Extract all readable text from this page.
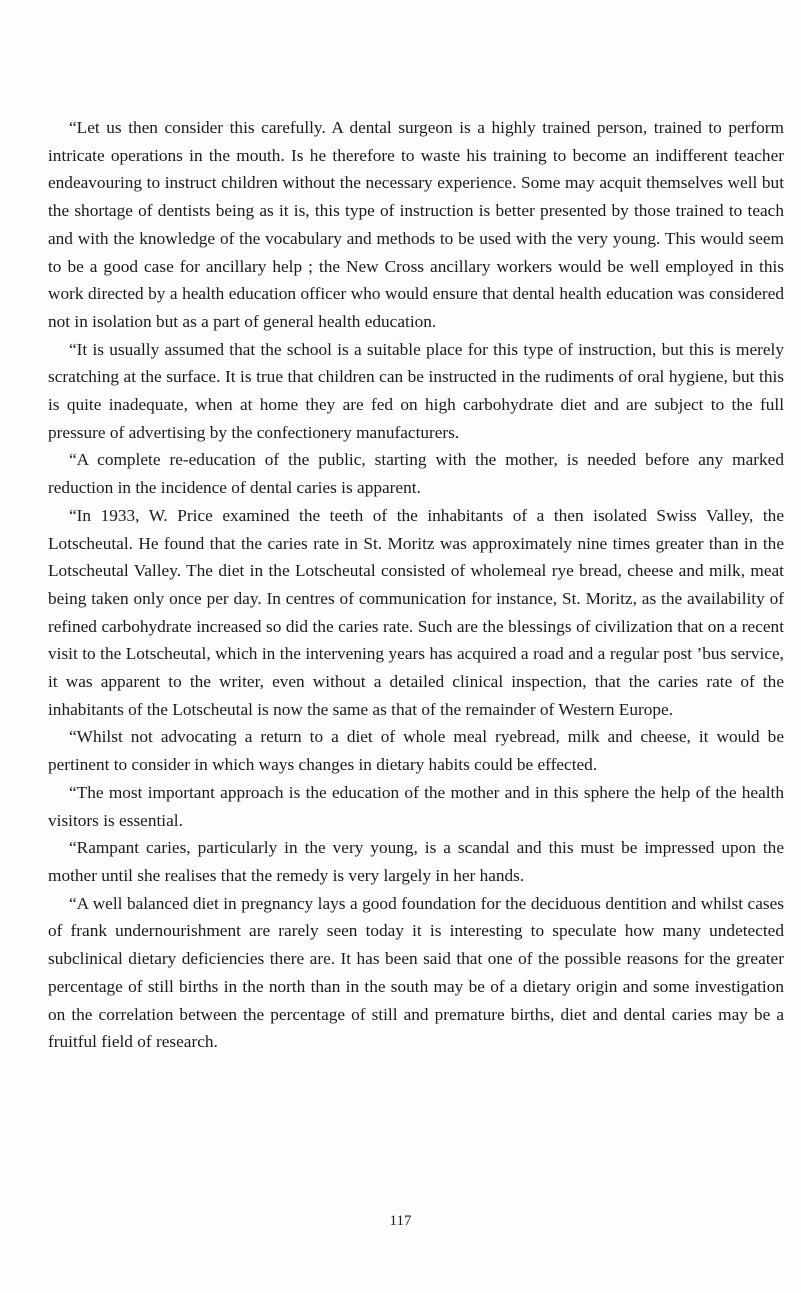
“Let us then consider this carefully. A dental surgeon is a highly trained person, trained to perform intricate operations in the mouth. Is he therefore to waste his training to become an indifferent teacher endeavouring to instruct children without the necessary experience. Some may acquit themselves well but the shortage of dentists being as it is, this type of instruction is better presented by those trained to teach and with the knowledge of the vocabulary and methods to be used with the very young. This would seem to be a good case for ancillary help ; the New Cross ancillary workers would be well employed in this work directed by a health education officer who would ensure that dental health education was considered not in isolation but as a part of general health education.

“It is usually assumed that the school is a suitable place for this type of instruction, but this is merely scratching at the surface. It is true that children can be instructed in the rudiments of oral hygiene, but this is quite inadequate, when at home they are fed on high carbohydrate diet and are subject to the full pressure of advertising by the confectionery manufacturers.

“A complete re-education of the public, starting with the mother, is needed before any marked reduction in the incidence of dental caries is apparent.

“In 1933, W. Price examined the teeth of the inhabitants of a then isolated Swiss Valley, the Lotscheutal. He found that the caries rate in St. Moritz was approximately nine times greater than in the Lotscheutal Valley. The diet in the Lotscheutal consisted of wholemeal rye bread, cheese and milk, meat being taken only once per day. In centres of communication for instance, St. Moritz, as the availability of refined carbohydrate increased so did the caries rate. Such are the blessings of civilization that on a recent visit to the Lotscheutal, which in the intervening years has acquired a road and a regular post ’bus service, it was apparent to the writer, even without a detailed clinical inspection, that the caries rate of the inhabitants of the Lotscheutal is now the same as that of the remainder of Western Europe.

“Whilst not advocating a return to a diet of whole meal ryebread, milk and cheese, it would be pertinent to consider in which ways changes in dietary habits could be effected.

“The most important approach is the education of the mother and in this sphere the help of the health visitors is essential.

“Rampant caries, particularly in the very young, is a scandal and this must be impressed upon the mother until she realises that the remedy is very largely in her hands.

“A well balanced diet in pregnancy lays a good foundation for the deciduous dentition and whilst cases of frank undernourishment are rarely seen today it is interesting to speculate how many undetected subclinical dietary deficiencies there are. It has been said that one of the possible reasons for the greater percentage of still births in the north than in the south may be of a dietary origin and some investigation on the correlation between the percentage of still and premature births, diet and dental caries may be a fruitful field of research.

117
